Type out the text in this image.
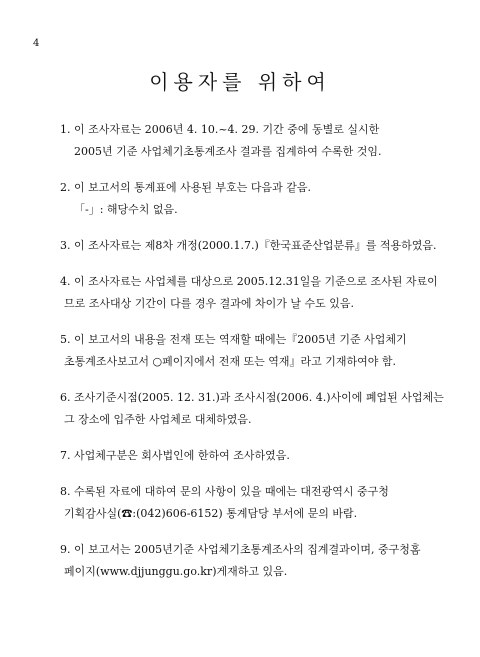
4
이용자를 위하여
1. 이 조사자료는 2006년 4. 10.~4. 29. 기간 중에 동별로 실시한
2005년 기준 사업체기초통계조사 결과를 집계하여 수록한 것임.
2. 이 보고서의 통계표에 사용된 부호는 다음과 같음.
「-」: 해당수치 없음.
3. 이 조사자료는 제8차 개정(2000.1.7.)『한국표준산업분류』를 적용하였음.
4. 이 조사자료는 사업체를 대상으로 2005.12.31일을 기준으로 조사된 자료이
므로 조사대상 기간이 다를 경우 결과에 차이가 날 수도 있음.
5. 이 보고서의 내용을 전재 또는 역재할 때에는『2005년 기준 사업체기
초통계조사보고서 ○페이지에서 전재 또는 역재』라고 기재하여야 함.
6. 조사기준시점(2005. 12. 31.)과 조사시점(2006. 4.)사이에 폐업된 사업체는
그 장소에 입주한 사업체로 대체하였음.
7. 사업체구분은 회사법인에 한하여 조사하였음.
8. 수록된 자료에 대하여 문의 사항이 있을 때에는 대전광역시 중구청
기획감사실(☎:(042)606-6152) 통계담당 부서에 문의 바람.
9. 이 보고서는 2005년기준 사업체기초통계조사의 집계결과이며, 중구청홈
페이지(www.djjunggu.go.kr)게재하고 있음.
